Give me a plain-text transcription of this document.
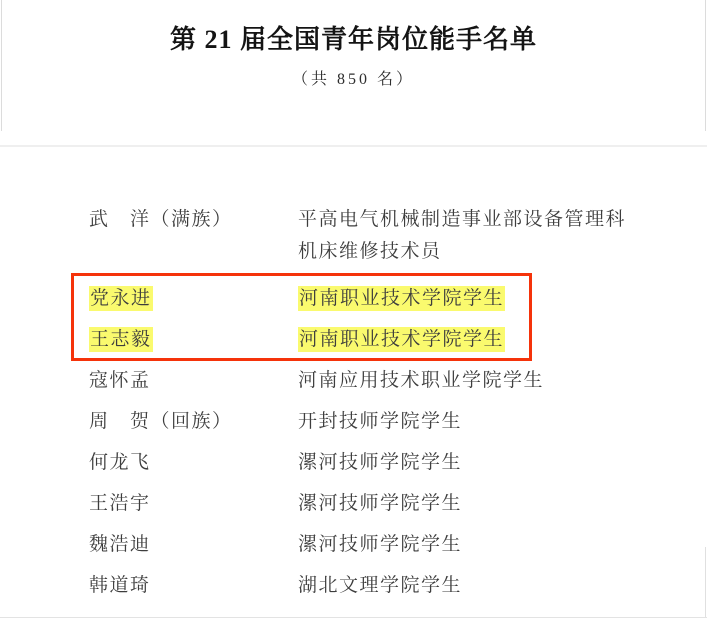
第 21 届全国青年岗位能手名单
（共 850 名）
武　洋（满族）	平高电气机械制造事业部设备管理科机床维修技术员
党永进	河南职业技术学院学生
王志毅	河南职业技术学院学生
寇怀孟	河南应用技术职业学院学生
周　贺（回族）	开封技师学院学生
何龙飞	漯河技师学院学生
王浩宇	漯河技师学院学生
魏浩迪	漯河技师学院学生
韩道琦	湖北文理学院学生
